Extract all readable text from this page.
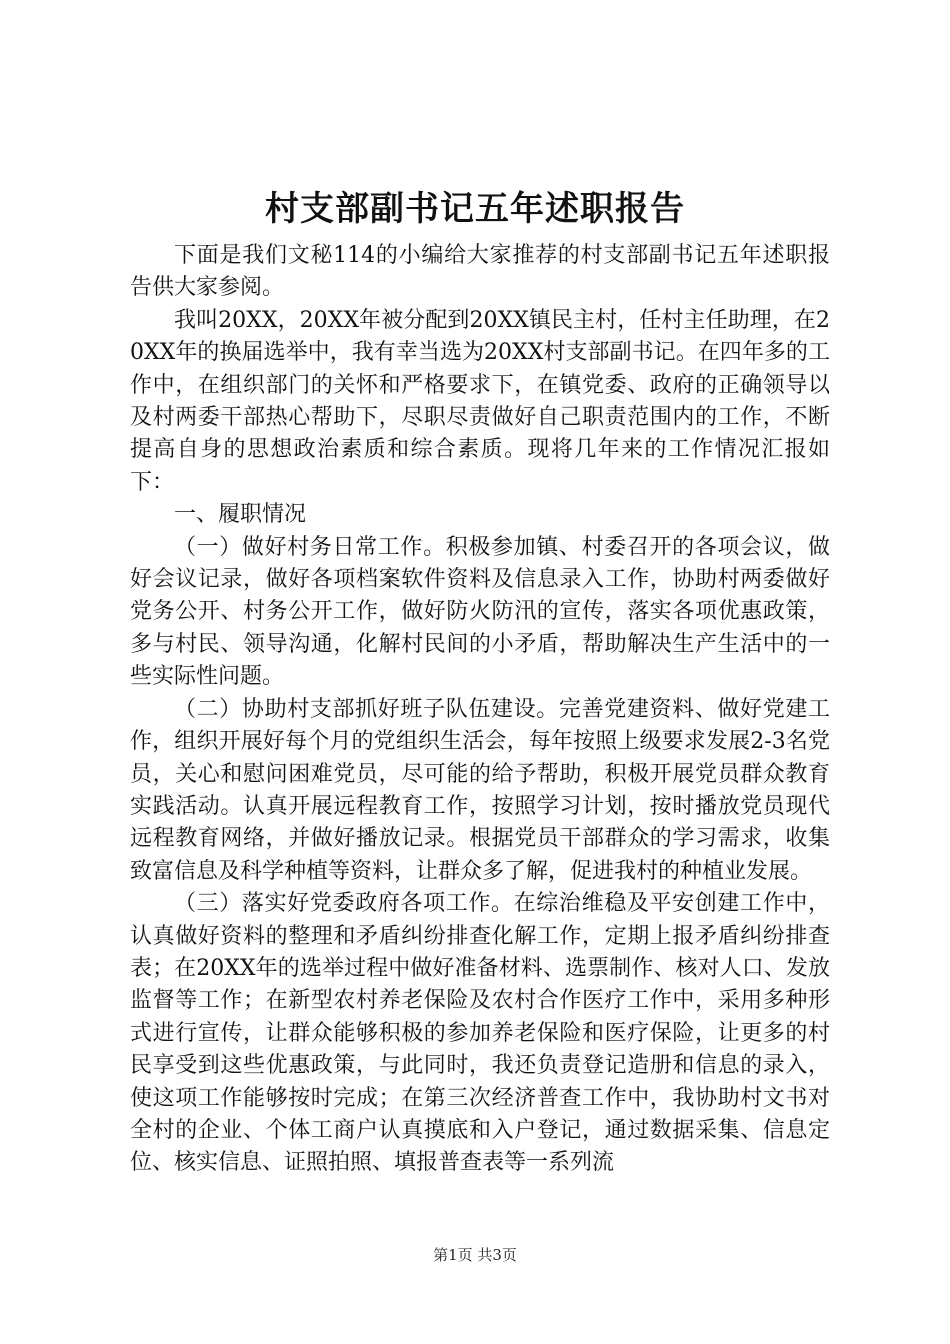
村支部副书记五年述职报告

下面是我们文秘114的小编给大家推荐的村支部副书记五年述职报告供大家参阅。

我叫20XX，20XX年被分配到20XX镇民主村，任村主任助理，在20XX年的换届选举中，我有幸当选为20XX村支部副书记。在四年多的工作中，在组织部门的关怀和严格要求下，在镇党委、政府的正确领导以及村两委干部热心帮助下，尽职尽责做好自己职责范围内的工作，不断提高自身的思想政治素质和综合素质。现将几年来的工作情况汇报如下：

一、履职情况

（一）做好村务日常工作。积极参加镇、村委召开的各项会议，做好会议记录，做好各项档案软件资料及信息录入工作，协助村两委做好党务公开、村务公开工作，做好防火防汛的宣传，落实各项优惠政策，多与村民、领导沟通，化解村民间的小矛盾，帮助解决生产生活中的一些实际性问题。

（二）协助村支部抓好班子队伍建设。完善党建资料、做好党建工作，组织开展好每个月的党组织生活会，每年按照上级要求发展2-3名党员，关心和慰问困难党员，尽可能的给予帮助，积极开展党员群众教育实践活动。认真开展远程教育工作，按照学习计划，按时播放党员现代远程教育网络，并做好播放记录。根据党员干部群众的学习需求，收集致富信息及科学种植等资料，让群众多了解，促进我村的种植业发展。

（三）落实好党委政府各项工作。在综治维稳及平安创建工作中，认真做好资料的整理和矛盾纠纷排查化解工作，定期上报矛盾纠纷排查表；在20XX年的选举过程中做好准备材料、选票制作、核对人口、发放监督等工作；在新型农村养老保险及农村合作医疗工作中，采用多种形式进行宣传，让群众能够积极的参加养老保险和医疗保险，让更多的村民享受到这些优惠政策，与此同时，我还负责登记造册和信息的录入，使这项工作能够按时完成；在第三次经济普查工作中，我协助村文书对全村的企业、个体工商户认真摸底和入户登记，通过数据采集、信息定位、核实信息、证照拍照、填报普查表等一系列流

第1页 共3页
